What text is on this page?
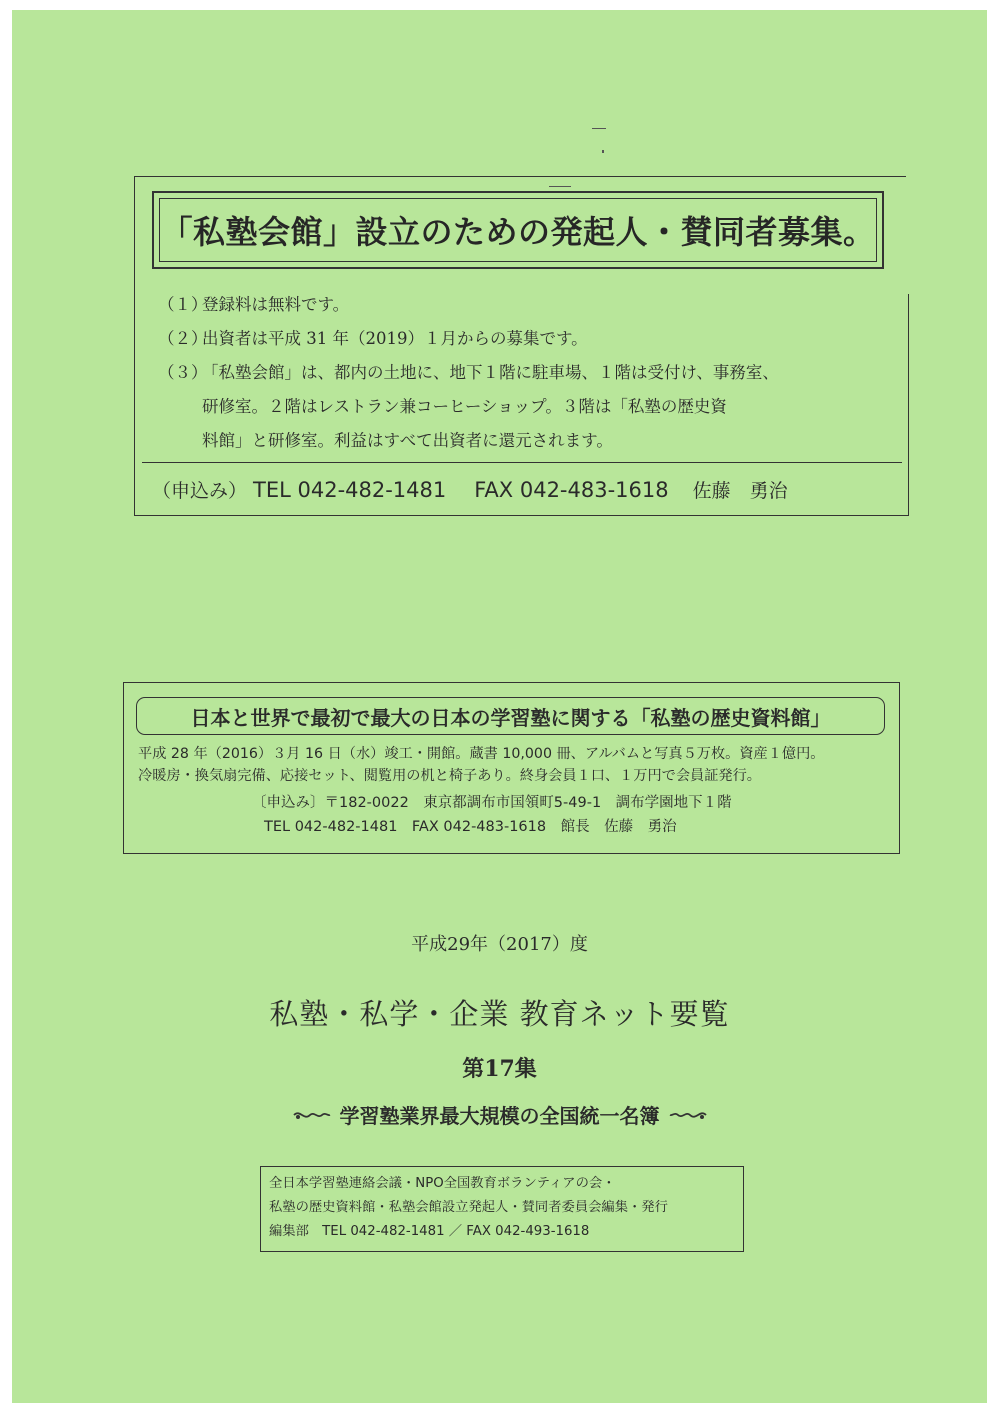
「私塾会館」設立のための発起人・賛同者募集。
（１）
登録料は無料です。
（２）
出資者は平成 31 年（2019）１月からの募集です。
（３）
「私塾会館」は、都内の土地に、地下１階に駐車場、１階は受付け、事務室、
研修室。２階はレストラン兼コーヒーショップ。３階は「私塾の歴史資
料館」と研修室。利益はすべて出資者に還元されます。
（申込み） TEL 042-482-1481 FAX 042-483-1618 佐藤　勇治
日本と世界で最初で最大の日本の学習塾に関する「私塾の歴史資料館」
平成 28 年（2016）３月 16 日（水）竣工・開館。蔵書 10,000 冊、アルバムと写真５万枚。資産１億円。
冷暖房・換気扇完備、応接セット、閲覧用の机と椅子あり。終身会員１口、１万円で会員証発行。
〔申込み〕〒182-0022　東京都調布市国領町5-49-1　調布学園地下１階
TEL 042-482-1481　FAX 042-483-1618　館長　佐藤　勇治
平成29年（2017）度
私塾・私学・企業 教育ネット要覧
第17集
学習塾業界最大規模の全国統一名簿
全日本学習塾連絡会議・NPO全国教育ボランティアの会・
私塾の歴史資料館・私塾会館設立発起人・賛同者委員会編集・発行
編集部　TEL 042-482-1481 ／ FAX 042-493-1618
